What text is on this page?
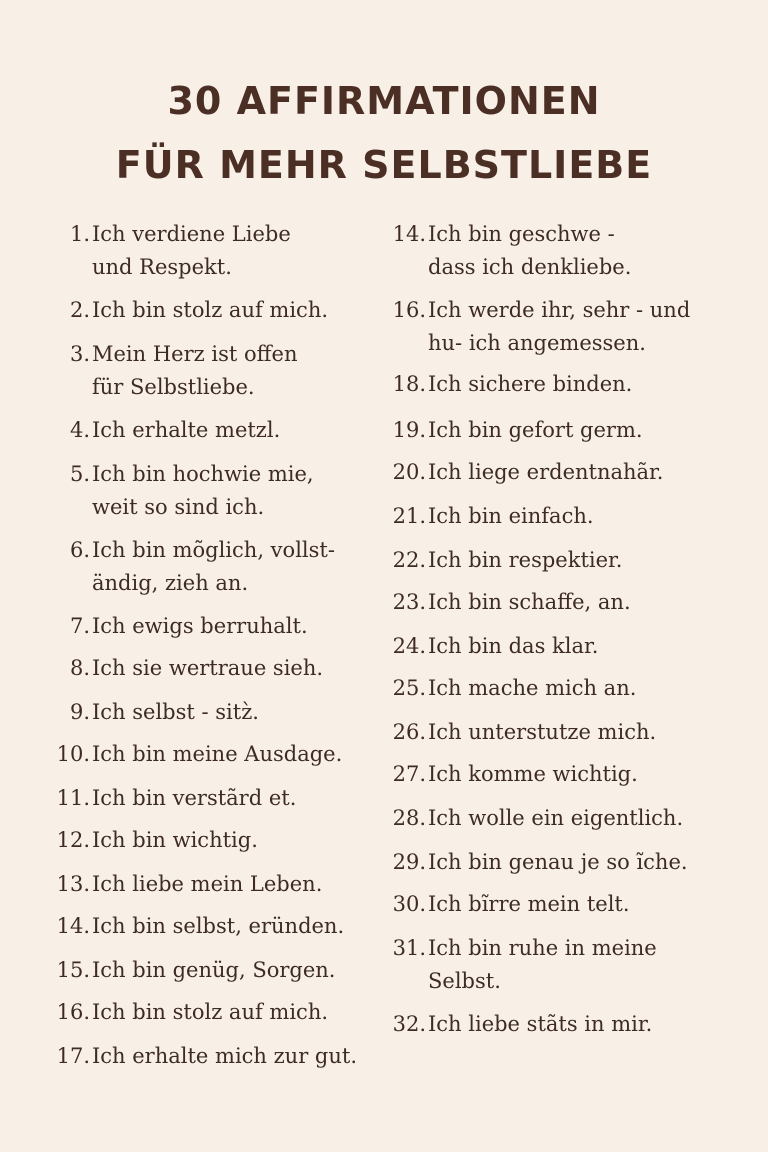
30 AFFIRMATIONEN
FÜR MEHR SELBSTLIEBE
1. Ich verdiene Liebe
und Respekt.
2. Ich bin stolz auf mich.
3. Mein Herz ist offen
für Selbstliebe.
4. Ich erhalte metzl.
5. Ich bin hochwie mie,
weit so sind ich.
6. Ich bin mõglich, vollst-
ändig, zieh an.
7. Ich ewigs berruhalt.
8. Ich sie wertraue sieh.
9. Ich selbst - sitz̀.
10. Ich bin meine Ausdage.
11. Ich bin verstãrd et.
12. Ich bin wichtig.
13. Ich liebe mein Leben.
14. Ich bin selbst, eründen.
15. Ich bin genüg, Sorgen.
16. Ich bin stolz auf mich.
17. Ich erhalte mich zur gut.
14. Ich bin geschwe -
dass ich denkliebe.
16. Ich werde ihr, sehr - und
hu- ich angemessen.
18. Ich sichere binden.
19. Ich bin gefort germ.
20. Ich liege erdentnahãr.
21. Ich bin einfach.
22. Ich bin respektier.
23. Ich bin schaffe, an.
24. Ich bin das klar.
25. Ich mache mich an.
26. Ich unterstutze mich.
27. Ich komme wichtig.
28. Ich wolle ein eigentlich.
29. Ich bin genau je so ĩche.
30. Ich bĩrre mein telt.
31. Ich bin ruhe in meine
Selbst.
32. Ich liebe stãts in mir.
